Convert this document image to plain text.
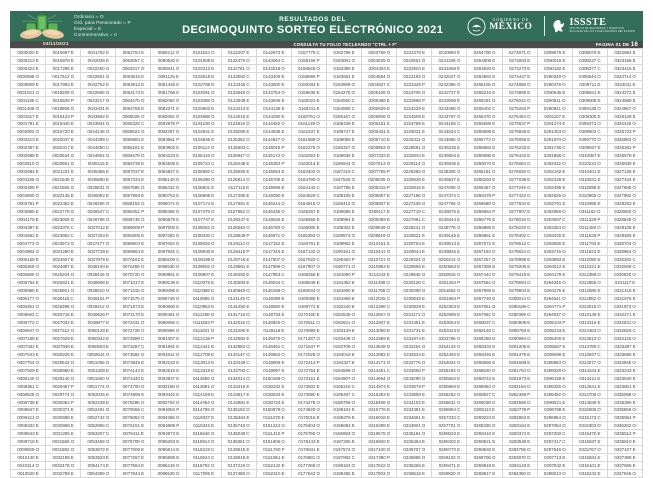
Ordinario = O
Ord. para Pensionado = P
Especial = E
Conmemorativo = C
RESULTADOS DEL
DECIMOQUINTO SORTEO ELECTRÓNICO 2021
GOBIERNO DE
MÉXICO	ISSSTE
INSTITUTO DE SEGURIDAD Y SERVICIOS
SOCIALES DE LOS TRABAJADORES DEL ESTADO
04/11/2021	CONSULTA TU FOLIO TECLEANDO "CTRL + F"	PAGINA 01 DE 16
0000020 E	0016687 E	0041782 E	0062764 E	0080212 O	0101624 O	0122207 E	0142873 E	0157778 C	0182788 E	0203769 O	0222376 E	0240960 E	0264708 O	0273871 O	0289876 E	0308078 E	0322864 E
0000213 E	0016978 E	0042036 E	0063057 C	0080520 E	0101908 E	0122479 O	0143064 C	0158158 P	0183081 O	0204025 O	0222661 O	0241326 O	0264808 E	0274063 E	0290016 E	0308247 C	0323156 E
0000424 E	0017295 E	0042250 O	0063317 O	0080841 O	0102213 E	0122781 O	0143218 O	0158546 O	0183389 E	0204304 E	0222904 E	0241658 E	0264920 E	0274273 E	0290182 E	0308377 C	0323416 E
0000598 O	0017612 O	0042501 O	0063615 E	0081125 E	0102518 E	0123082 C	0143409 E	0158896 P	0183661 E	0204584 O	0223183 O	0242027 O	0264994 E	0274447 E	0290349 O	0308544 O	0323714 O
0000809 E	0017892 E	0042752 E	0063912 E	0081446 E	0102786 E	0123346 C	0143600 E	0159284 E	0183969 O	0204827 C	0223426 P	0242395 O	0265105 O	0274658 O	0290478 O	0308711 E	0324011 E
0001021 O	0018209 O	0042966 O	0064173 E	0081766 E	0103091 O	0123648 O	0143754 O	0159635 E	0184278 O	0205106 O	0223706 O	0242727 E	0265216 E	0274869 E	0290645 E	0308841 E	0324272 E
0001195 C	0018526 P	0043217 O	0064470 O	0082050 O	0103358 O	0123949 E	0143945 E	0160023 E	0184550 C	0205386 E	0223986 P	0243096 E	0265291 O	0275042 O	0290811 O	0309008 E	0324569 E
0001406 O	0018806 O	0043431 E	0064768 E	0082371 E	0103663 E	0124213 E	0144136 E	0160411 E	0184858 C	0205629 E	0224229 E	0243465 O	0265402 C	0275253 P	0290941 O	0309138 O	0324867 O
0001617 E	0019123 P	0043682 E	0065028 O	0082692 O	0103968 O	0124515 E	0144290 E	0160761 O	0185167 O	0205908 O	0224509 E	0243797 O	0265476 O	0275464 O	0291107 E	0309305 E	0325128 E
0001791 E	0019440 E	0043934 O	0065326 C	0082976 P	0104236 O	0124816 O	0144482 O	0161149 O	0185438 E	0206151 E	0224788 E	0244166 C	0265588 E	0275637 P	0291274 E	0309473 O	0325425 O
0002002 O	0019720 E	0044148 O	0065623 O	0083297 O	0104541 E	0125080 E	0144636 E	0161537 E	0185747 E	0206431 E	0225031 E	0244534 C	0265699 E	0275848 E	0291403 O	0309603 C	0325723 P
0002213 E	0020037 E	0044399 C	0065884 E	0083581 P	0104846 E	0125382 O	0144827 O	0161888 O	0186056 E	0206710 E	0225311 O	0244866 O	0265773 O	0276059 E	0291570 O	0309770 O	0325983 O
0002387 E	0020317 E	0044650 C	0066181 E	0083902 E	0105114 O	0125683 C	0145018 P	0162276 O	0186327 O	0206953 O	0225591 O	0245235 E	0265884 E	0276233 E	0291736 C	0309937 E	0326281 P
0002598 E	0020634 O	0044864 O	0066479 O	0084223 E	0105419 O	0125947 O	0145172 O	0162663 E	0186636 E	0207233 E	0225834 E	0245604 E	0265996 E	0276443 E	0291866 C	0310067 E	0326578 E
0002810 O	0020951 O	0045115 E	0066739 E	0084506 E	0105724 C	0126248 E	0145363 P	0163014 E	0186944 O	0207513 O	0226114 O	0245936 E	0266070 E	0276654 O	0292032 O	0310234 O	0326839 E
0002984 E	0021231 E	0045366 E	0067037 E	0084827 E	0105992 C	0126550 E	0145554 E	0163402 O	0187216 C	0207755 P	0226393 O	0246305 O	0266181 O	0276828 O	0292162 E	0310401 E	0327136 E
0003195 O	0021548 O	0045580 E	0067334 E	0085148 O	0106296 O	0126814 O	0145708 E	0163790 O	0187525 O	0208035 O	0226636 E	0246637 E	0266293 E	0277038 E	0292328 E	0310531 E	0327434 E
0003406 P	0021865 O	0045831 O	0067595 O	0085432 O	0106601 E	0127115 E	0145899 E	0164140 C	0187796 E	0208315 P	0226916 E	0247005 O	0266367 O	0277249 O	0292495 E	0310698 E	0327695 O
0003580 O	0022145 E	0046082 E	0067893 E	0085753 E	0106869 E	0127380 E	0146090 E	0164528 C	0188105 E	0208557 E	0227196 O	0247374 C	0266478 P	0277423 O	0292625 O	0310865 O	0327992 O
0003791 P	0022462 E	0046296 O	0068153 O	0086074 O	0107174 E	0127681 E	0146244 O	0164916 O	0188413 O	0208837 E	0227439 O	0247706 O	0266589 O	0277634 E	0292791 E	0310995 E	0328253 E
0003965 E	0022779 O	0046547 C	0068451 P	0086358 O	0107479 O	0127982 O	0146435 O	0165267 E	0188685 E	0209117 E	0227719 C	0248075 E	0266664 P	0277807 E	0292958 O	0311162 O	0328550 O
0004176 E	0023059 O	0046798 O	0068748 O	0086679 E	0107747 E	0128247 E	0146626 E	0165655 E	0188994 E	0209359 E	0227961 C	0248444 E	0266775 E	0278018 O	0293087 C	0311329 P	0328848 O
0004387 E	0023376 C	0047012 E	0069009 P	0087000 E	0108052 O	0128548 O	0146780 O	0166005 E	0189302 E	0209639 O	0228241 O	0248776 O	0266886 E	0278229 O	0293254 O	0311459 O	0329108 E
0004562 E	0023693 C	0047263 E	0069306 E	0087283 O	0108320 C	0128849 P	0146971 O	0166393 O	0189574 O	0209919 O	0228521 E	0249145 E	0266961 E	0278402 C	0293420 E	0311626 P	0329406 E
0004773 O	0023973 O	0047477 O	0069604 E	0087604 O	0108625 O	0129114 O	0147162 E	0166781 E	0189882 E	0210161 E	0228764 E	0249513 E	0267072 E	0278613 C	0293550 E	0311793 E	0329704 O
0004984 O	0024290 E	0047728 E	0069864 E	0087925 C	0108930 E	0129415 P	0147316 E	0167132 O	0190191 O	0210441 O	0229044 E	0249845 E	0267183 O	0278824 O	0293716 O	0311923 E	0329964 O
0005158 E	0024607 E	0047979 E	0070162 E	0088209 C	0109198 E	0129716 E	0147507 O	0167520 C	0190463 P	0210721 O	0229324 O	0250214 O	0267257 O	0278998 E	0293883 E	0312090 E	0330262 C
0005369 O	0024887 E	0048194 E	0070459 O	0088530 O	0109502 O	0129981 E	0147699 O	0167907 O	0190771 O	0210963 E	0229566 E	0250583 E	0267369 E	0279208 E	0294012 E	0312221 E	0330559 C
0005580 O	0025204 O	0048445 O	0070720 O	0088851 E	0109807 E	0130282 E	0147853 C	0168258 E	0191080 P	0211243 E	0229846 O	0250915 O	0267443 O	0279419 E	0294179 E	0312388 O	0330820 O
0005754 E	0025521 E	0048696 E	0071017 E	0089135 E	0110075 E	0130583 E	0148044 C	0168646 E	0191352 E	0211486 O	0230126 C	0251284 P	0267554 O	0279593 O	0294345 O	0312555 O	0331117 E
0005965 E	0025801 O	0048910 O	0071315 O	0089456 E	0110380 E	0130848 O	0148198 O	0169034 O	0191660 E	0211765 O	0230369 O	0251652 O	0267665 E	0279804 E	0294475 E	0312685 E	0331415 E
0006177 O	0026118 C	0049161 P	0071575 O	0089739 O	0110685 O	0131149 O	0148389 E	0169385 E	0191969 E	0212045 C	0230649 E	0251984 P	0267740 E	0280014 O	0294641 O	0312852 O	0331676 E
0006351 O	0026398 O	0049412 O	0071873 E	0090060 E	0110953 E	0131450 E	0148580 E	0169772 E	0192240 E	0212288 C	0230929 E	0252353 E	0267851 O	0280188 C	0294771 P	0313019 O	0331973 O
0006562 C	0026715 E	0049626 P	0072170 E	0090381 O	0111258 O	0131715 O	0148734 E	0170160 E	0192549 O	0212567 O	0231171 O	0252685 E	0267962 O	0280399 O	0294937 O	0313149 E	0332271 E
0006773 C	0027032 E	0049877 E	0072431 O	0090665 C	0111563 P	0132016 O	0148925 O	0170511 O	0192821 O	0212847 E	0231451 E	0253054 E	0268037 C	0280609 E	0295104 P	0313316 E	0332531 O
0006947 O	0027312 O	0050128 E	0072728 O	0090986 O	0111831 O	0132280 E	0149116 E	0170899 E	0193129 E	0213090 E	0231731 E	0253423 E	0268148 C	0280783 E	0295233 E	0313483 O	0332829 C
0007158 E	0027629 E	0050342 E	0072989 C	0091307 E	0112136 P	0132582 E	0149270 O	0171287 O	0193438 O	0213369 E	0231974 E	0253755 O	0268259 O	0280994 O	0295400 E	0313613 O	0333126 O
0007332 E	0027946 E	0050593 E	0073287 C	0091591 E	0112441 E	0132883 O	0149461 C	0171637 P	0193709 O	0213649 O	0232254 O	0254123 O	0268333 E	0281205 E	0295567 E	0313780 C	0333387 E
0007543 E	0028226 E	0050844 O	0073584 O	0091912 O	0112708 E	0133147 O	0149652 O	0172025 O	0194018 E	0213892 E	0232534 E	0254492 E	0268445 E	0281378 E	0295696 E	0313947 C	0333685 E
0007754 O	0028543 O	0051058 O	0073845 E	0092233 E	0113013 E	0133449 C	0149806 E	0172413 P	0194327 E	0214171 O	0232776 O	0254824 O	0268556 E	0281589 E	0295863 O	0314077 O	0333945 O
0007929 E	0028860 E	0051309 E	0074142 E	0092516 E	0113318 E	0133750 C	0149997 E	0172764 E	0194598 O	0214451 C	0233056 P	0255193 O	0268630 O	0281763 O	0296029 O	0314244 E	0334243 E
0008140 O	0029140 O	0051560 O	0074440 E	0092837 E	0113586 O	0134014 O	0150188 O	0173151 E	0194907 O	0214694 O	0233299 O	0255562 E	0268742 E	0281973 E	0296159 E	0314411 E	0334540 E
0008351 C	0029457 P	0051774 O	0074700 O	0093158 O	0113891 O	0134315 E	0150342 E	0173502 E	0195215 C	0214974 E	0233579 P	0255894 E	0268853 O	0282184 O	0296325 O	0314541 E	0334801 E
0008525 O	0029774 O	0052025 E	0074998 E	0093442 E	0114159 E	0134617 E	0150533 E	0173890 E	0195487 C	0215253 E	0233859 E	0256263 O	0268927 C	0282358 P	0296492 O	0314708 O	0335098 O
0008736 E	0030054 P	0052239 E	0075295 O	0093763 O	0114464 O	0134881 E	0150724 E	0174278 O	0195796 O	0215496 O	0234102 E	0256631 O	0269038 O	0282569 O	0296621 E	0314838 E	0335396 E
0008947 E	0030371 E	0052491 O	0075556 C	0094084 P	0114769 O	0135182 O	0150879 O	0174629 O	0196104 E	0215776 E	0234381 E	0256963 C	0269113 E	0282779 P	0296788 E	0315006 O	0335656 O
0009121 O	0030688 E	0052742 O	0075853 O	0094368 O	0115037 E	0135484 E	0151070 E	0175016 E	0196376 E	0216018 E	0234661 E	0257332 C	0269224 E	0282953 E	0296954 O	0315173 C	0335954 P
0009332 E	0030968 E	0052956 C	0076151 E	0094689 P	0115342 E	0135748 O	0151224 O	0175404 O	0196684 E	0216298 E	0234904 O	0257701 O	0269335 O	0283164 E	0297084 O	0315303 O	0336252 O
0009543 E	0031285 E	0053207 C	0076411 E	0094973 E	0115646 O	0136049 C	0151415 P	0175755 O	0196993 O	0216578 O	0235184 O	0258033 E	0269410 E	0283374 E	0297250 C	0315470 E	0336512 P
0009718 E	0031565 O	0053458 O	0076709 O	0095293 E	0115914 O	0136351 O	0151606 O	0176143 E	0197265 E	0216820 E	0235464 E	0258402 E	0269521 E	0283548 E	0297417 C	0315637 E	0336810 E
0009929 O	0031882 O	0053672 E	0077006 E	0095614 E	0116219 C	0136615 E	0151760 P	0176531 E	0197573 O	0217100 O	0235707 O	0258770 E	0269632 E	0283759 O	0297546 O	0315767 O	0337107 E
0010140 E	0032199 E	0053923 E	0077267 E	0095898 E	0116524 C	0136916 E	0151951 E	0176881 O	0197882 C	0217380 P	0235986 O	0259102 O	0269706 O	0283970 O	0297713 E	0315934 E	0337368 E
0010314 O	0032479 O	0054174 E	0077564 E	0096219 O	0116792 O	0137218 O	0152142 E	0177269 O	0198153 O	0217622 O	0236266 E	0259471 E	0269818 E	0284143 E	0297842 E	0316101 E	0337665 E
0010520 E	0032799 E	0054399 O	0077844 E	0096530 O	0117095 E	0137488 O	0152310 E	0177642 O	0198455 E	0217903 O	0236518 E	0259820 O	0269917 E	0284350 O	0298013 O	0316243 E	0337946 O
